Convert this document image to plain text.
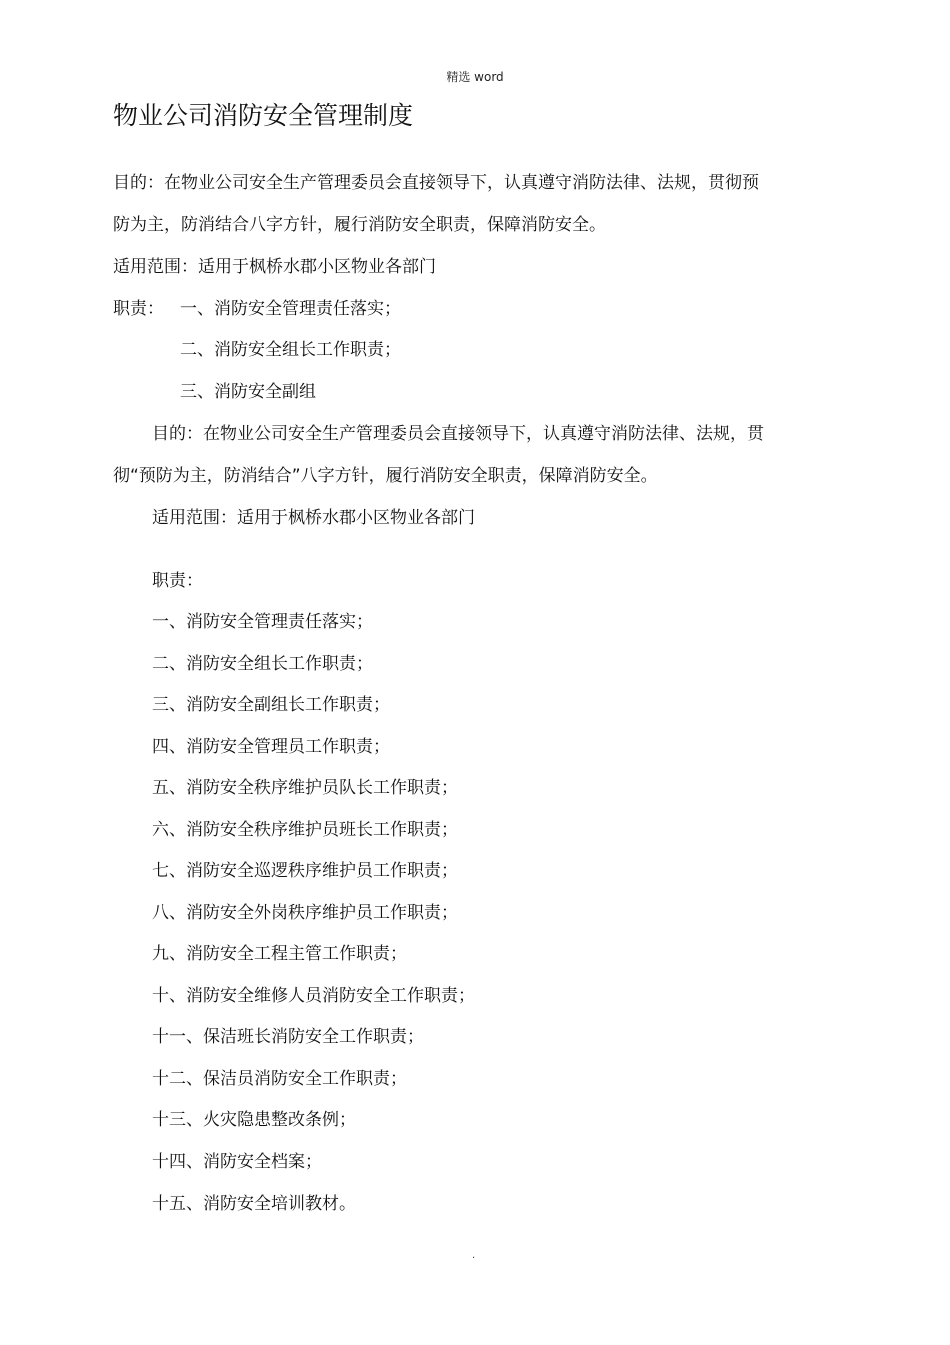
精选 word
物业公司消防安全管理制度
目的：在物业公司安全生产管理委员会直接领导下，认真遵守消防法律、法规，贯彻预
防为主，防消结合八字方针，履行消防安全职责，保障消防安全。
适用范围：适用于枫桥水郡小区物业各部门
职责： 一、消防安全管理责任落实；
二、消防安全组长工作职责；
三、消防安全副组
目的：在物业公司安全生产管理委员会直接领导下，认真遵守消防法律、法规，贯
彻“预防为主，防消结合”八字方针，履行消防安全职责，保障消防安全。
适用范围：适用于枫桥水郡小区物业各部门
职责：
一、消防安全管理责任落实；
二、消防安全组长工作职责；
三、消防安全副组长工作职责；
四、消防安全管理员工作职责；
五、消防安全秩序维护员队长工作职责；
六、消防安全秩序维护员班长工作职责；
七、消防安全巡逻秩序维护员工作职责；
八、消防安全外岗秩序维护员工作职责；
九、消防安全工程主管工作职责；
十、消防安全维修人员消防安全工作职责；
十一、保洁班长消防安全工作职责；
十二、保洁员消防安全工作职责；
十三、火灾隐患整改条例；
十四、消防安全档案；
十五、消防安全培训教材。
.
